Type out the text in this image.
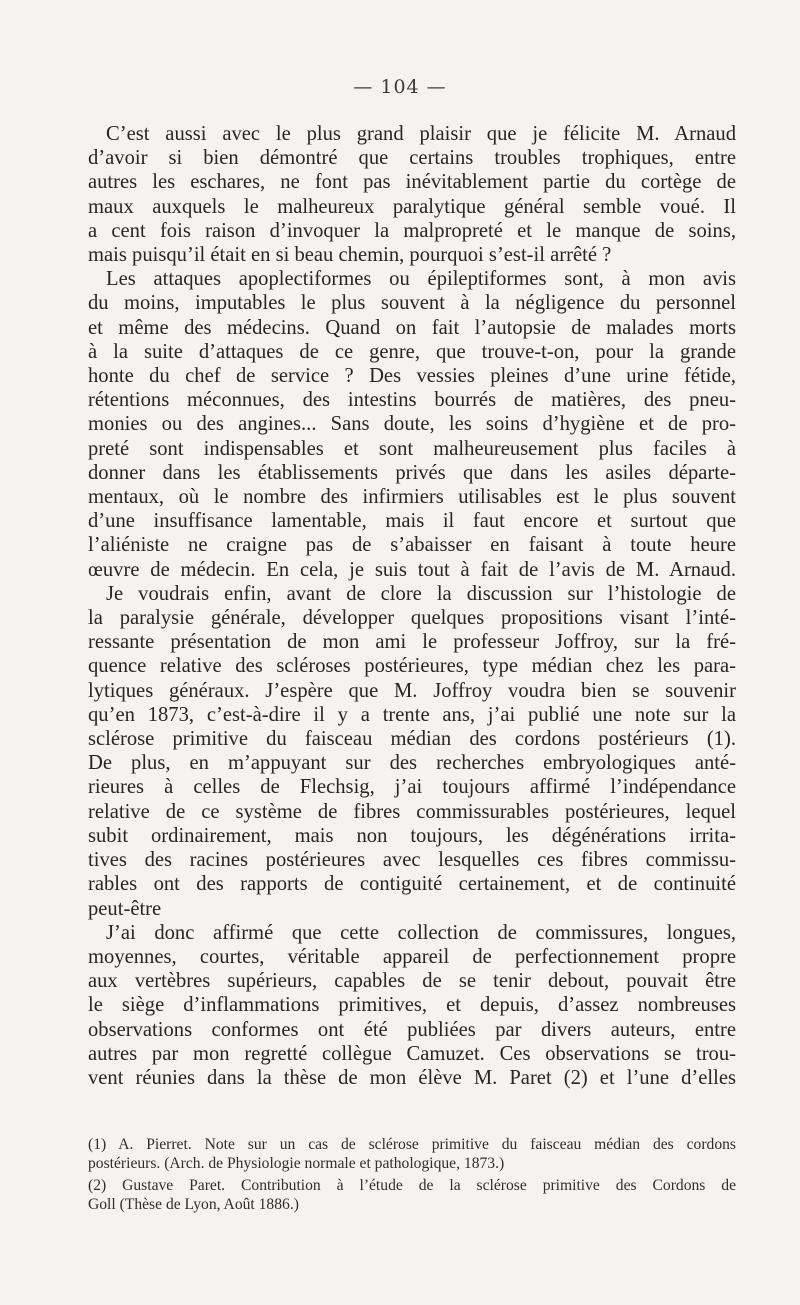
— 104 —
C’est aussi avec le plus grand plaisir que je félicite M. Arnaud
d’avoir si bien démontré que certains troubles trophiques, entre
autres les eschares, ne font pas inévitablement partie du cortège de
maux auxquels le malheureux paralytique général semble voué. Il
a cent fois raison d’invoquer la malpropreté et le manque de soins,
mais puisqu’il était en si beau chemin, pourquoi s’est-il arrêté ?
Les attaques apoplectiformes ou épileptiformes sont, à mon avis
du moins, imputables le plus souvent à la négligence du personnel
et même des médecins. Quand on fait l’autopsie de malades morts
à la suite d’attaques de ce genre, que trouve-t-on, pour la grande
honte du chef de service ? Des vessies pleines d’une urine fétide,
rétentions méconnues, des intestins bourrés de matières, des pneu-
monies ou des angines... Sans doute, les soins d’hygiène et de pro-
preté sont indispensables et sont malheureusement plus faciles à
donner dans les établissements privés que dans les asiles départe-
mentaux, où le nombre des infirmiers utilisables est le plus souvent
d’une insuffisance lamentable, mais il faut encore et surtout que
l’aliéniste ne craigne pas de s’abaisser en faisant à toute heure
œuvre de médecin. En cela, je suis tout à fait de l’avis de M. Arnaud.
Je voudrais enfin, avant de clore la discussion sur l’histologie de
la paralysie générale, développer quelques propositions visant l’inté-
ressante présentation de mon ami le professeur Joffroy, sur la fré-
quence relative des scléroses postérieures, type médian chez les para-
lytiques généraux. J’espère que M. Joffroy voudra bien se souvenir
qu’en 1873, c’est-à-dire il y a trente ans, j’ai publié une note sur la
sclérose primitive du faisceau médian des cordons postérieurs (1).
De plus, en m’appuyant sur des recherches embryologiques anté-
rieures à celles de Flechsig, j’ai toujours affirmé l’indépendance
relative de ce système de fibres commissurables postérieures, lequel
subit ordinairement, mais non toujours, les dégénérations irrita-
tives des racines postérieures avec lesquelles ces fibres commissu-
rables ont des rapports de contiguité certainement, et de continuité
peut-être
J’ai donc affirmé que cette collection de commissures, longues,
moyennes, courtes, véritable appareil de perfectionnement propre
aux vertèbres supérieurs, capables de se tenir debout, pouvait être
le siège d’inflammations primitives, et depuis, d’assez nombreuses
observations conformes ont été publiées par divers auteurs, entre
autres par mon regretté collègue Camuzet. Ces observations se trou-
vent réunies dans la thèse de mon élève M. Paret (2) et l’une d’elles
(1) A. Pierret. Note sur un cas de sclérose primitive du faisceau médian des cordons
postérieurs. (Arch. de Physiologie normale et pathologique, 1873.)
(2) Gustave Paret. Contribution à l’étude de la sclérose primitive des Cordons de
Goll (Thèse de Lyon, Août 1886.)
